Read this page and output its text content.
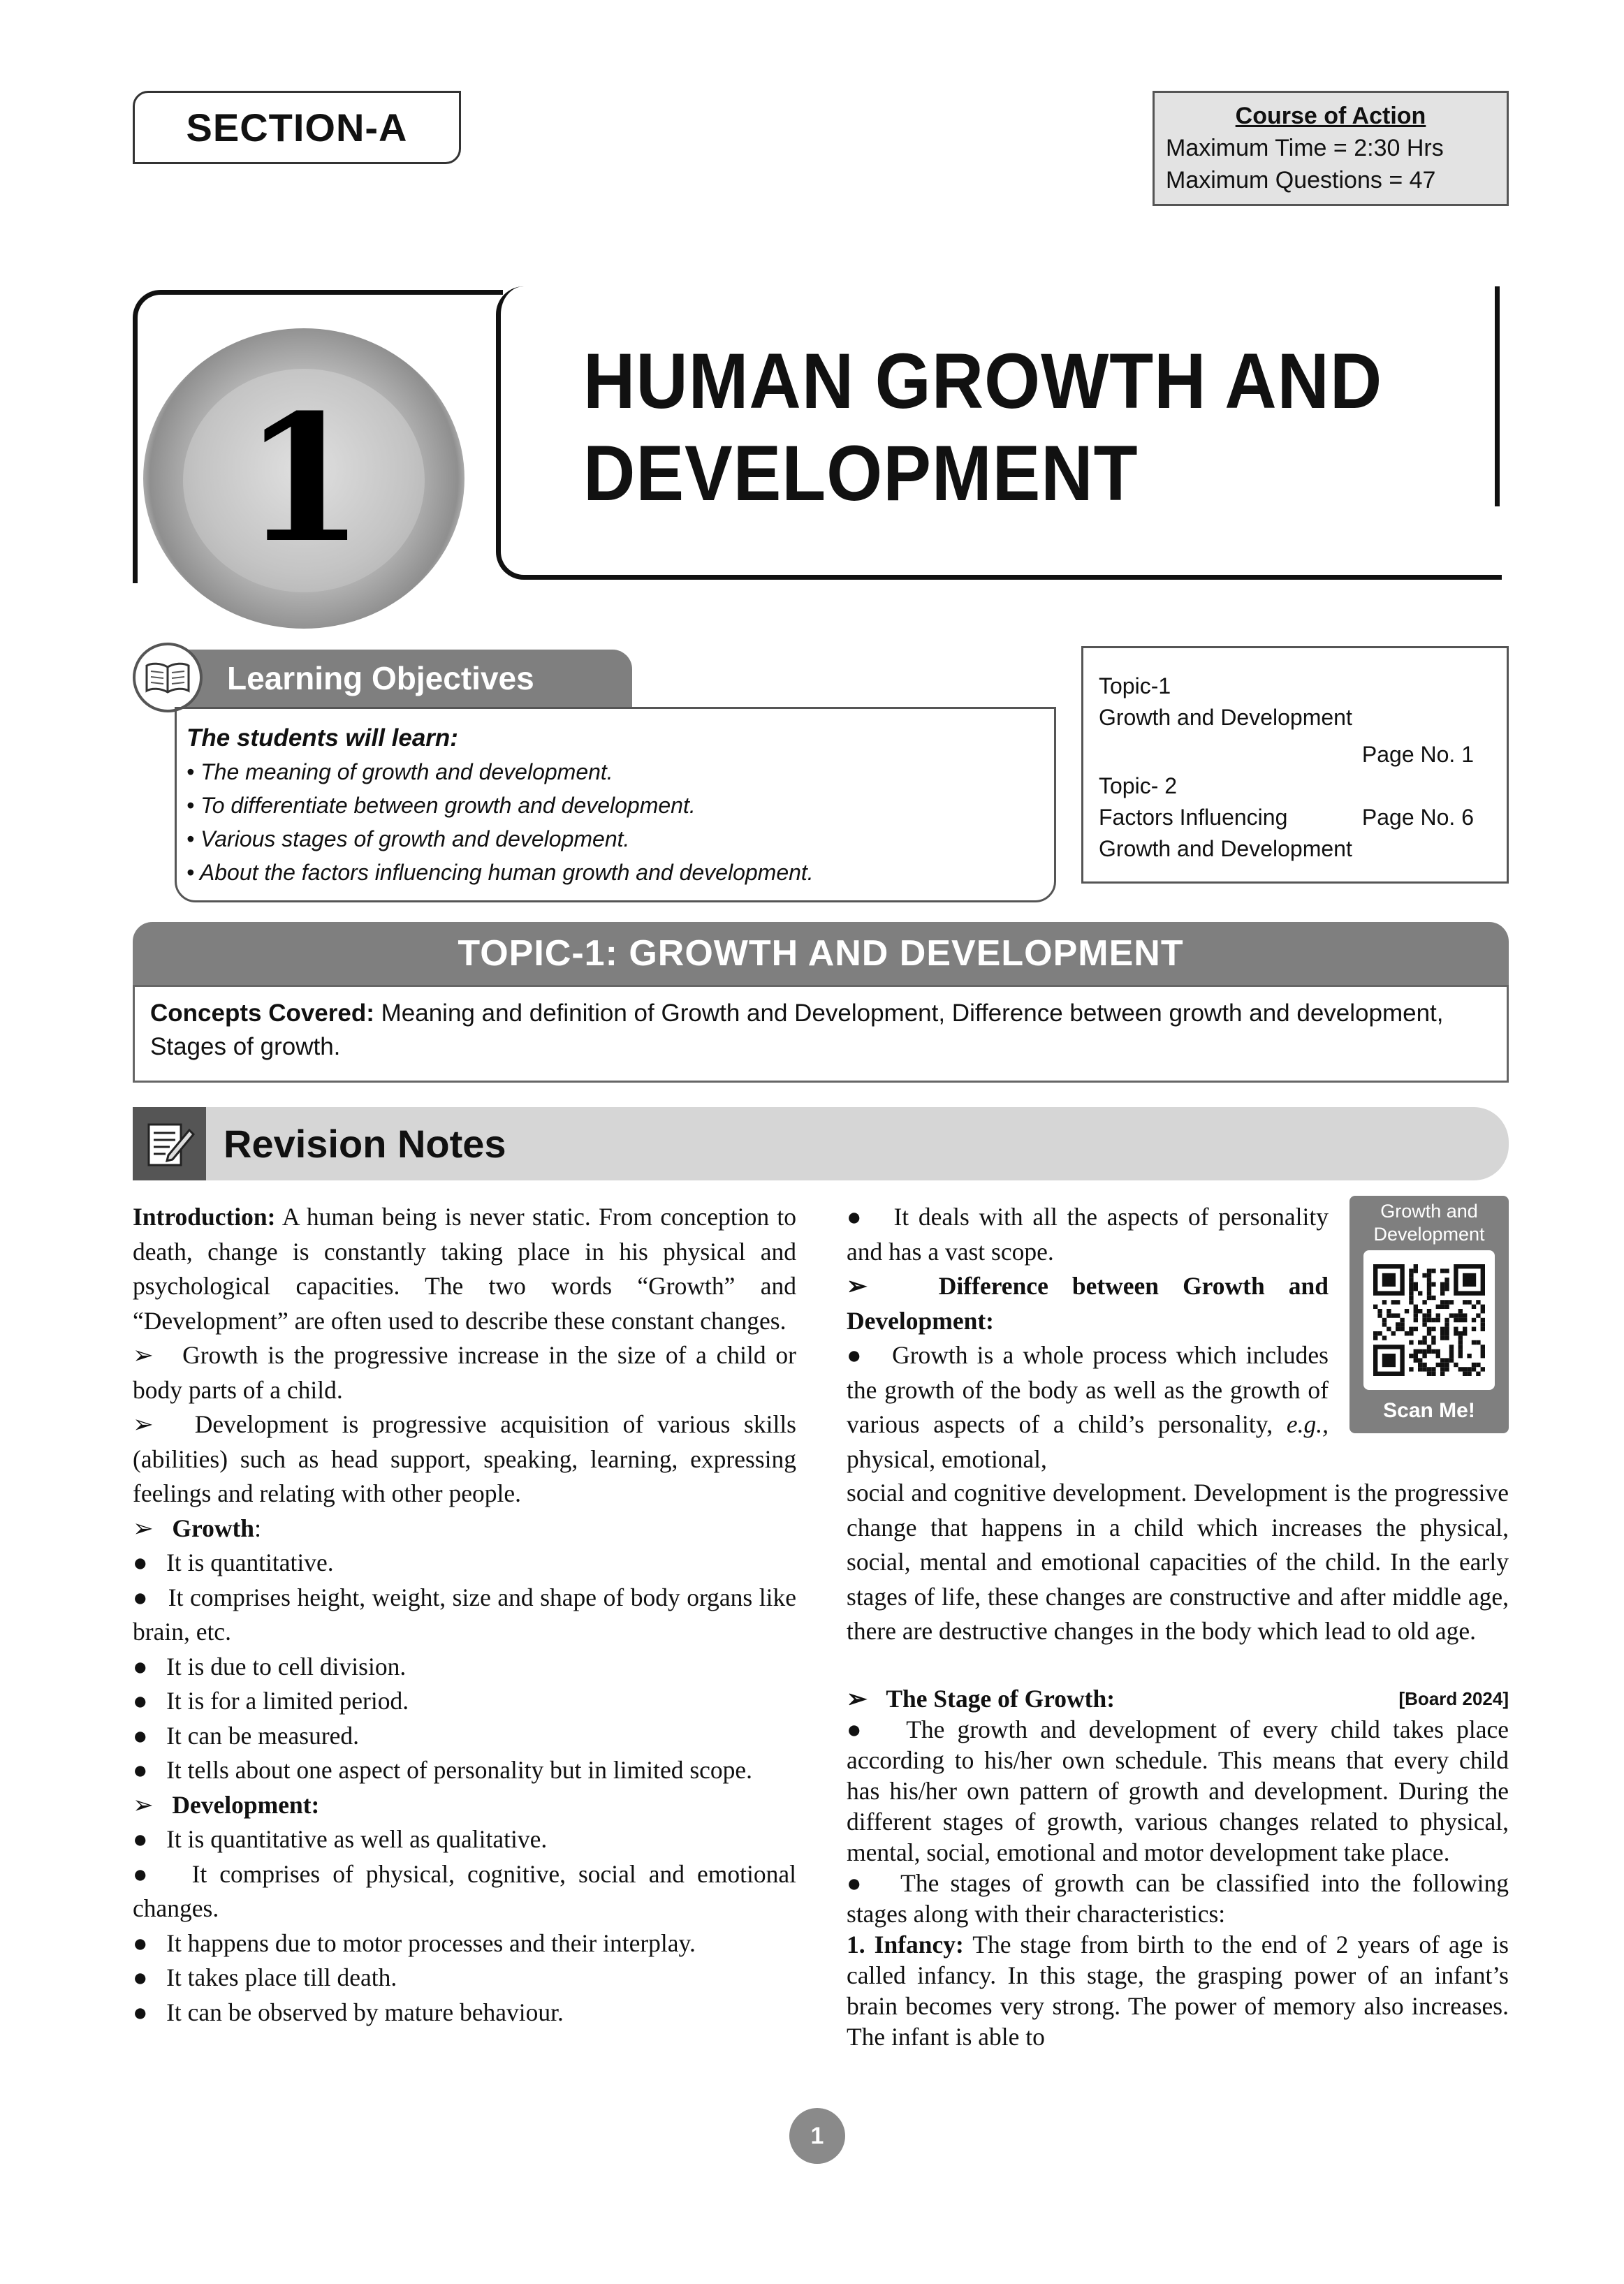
SECTION-A	Course of Action
Maximum Time = 2:30 Hrs
Maximum Questions = 47
1	HUMAN GROWTH AND
DEVELOPMENT
Learning Objectives
The students will learn:
• The meaning of growth and development.
• To differentiate between growth and development.
• Various stages of growth and development.
• About the factors influencing human growth and development.
Topic-1
Growth and Development
Page No. 1
Topic- 2
Factors Influencing	Page No. 6
Growth and Development
TOPIC-1: GROWTH AND DEVELOPMENT
Concepts Covered: Meaning and definition of Growth and Development, Difference between growth and development, Stages of growth.
Revision Notes

Introduction: A human being is never static. From conception to death, change is constantly taking place in his physical and psychological capacities. The two words “Growth” and “Development” are often used to describe these constant changes.

➢ Growth is the progressive increase in the size of a child or body parts of a child.

➢ Development is progressive acquisition of various skills (abilities) such as head support, speaking, learning, expressing feelings and relating with other people.

➢ Growth:

● It is quantitative.

● It comprises height, weight, size and shape of body organs like brain, etc.

● It is due to cell division.

● It is for a limited period.

● It can be measured.

● It tells about one aspect of personality but in limited scope.

➢ Development:

● It is quantitative as well as qualitative.

● It comprises of physical, cognitive, social and emotional changes.

● It happens due to motor processes and their interplay.

● It takes place till death.

● It can be observed by mature behaviour.

● It deals with all the aspects of personality and has a vast scope.

➢	Difference between Growth and Development:

● Growth is a whole process which includes the growth of the body as well as the growth of various aspects of a child’s personality, e.g., physical, emotional,

Growth and
Development
Scan Me!

social and cognitive development. Development is the progressive change that happens in a child which increases the physical, social, mental and emotional capacities of the child. In the early stages of life, these changes are constructive and after middle age, there are destructive changes in the body which lead to old age.

➢ The Stage of Growth:	[Board 2024]

● The growth and development of every child takes place according to his/her own schedule. This means that every child has his/her own pattern of growth and development. During the different stages of growth, various changes related to physical, mental, social, emotional and motor development take place.

● The stages of growth can be classified into the following stages along with their characteristics:

1. Infancy: The stage from birth to the end of 2 years of age is called infancy. In this stage, the grasping power of an infant’s brain becomes very strong. The power of memory also increases. The infant is able to

1
